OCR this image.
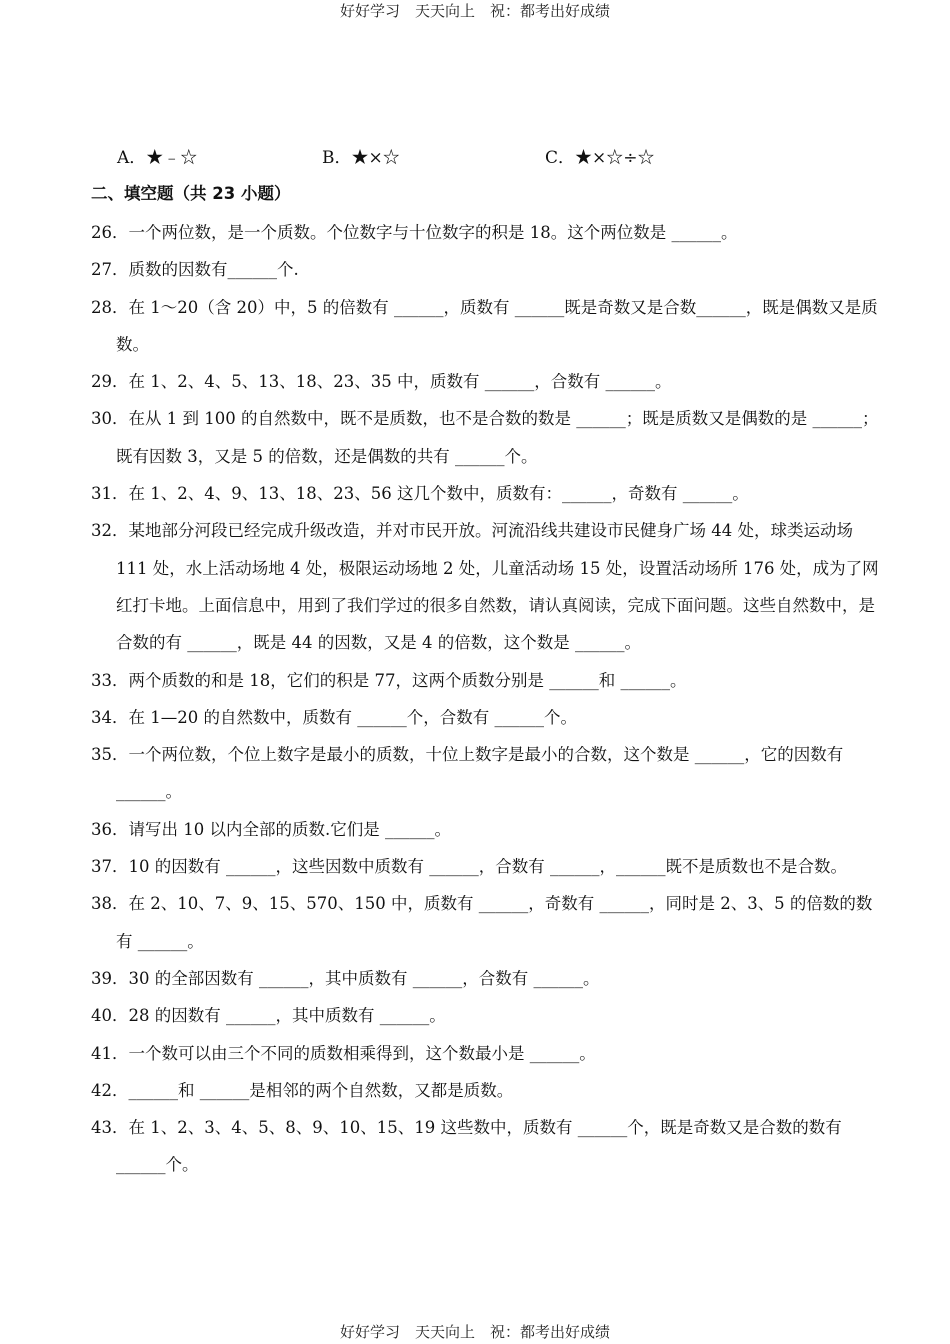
好好学习　天天向上　祝：都考出好成绩
A．★﹣☆	B．★×☆	C．★×☆÷☆
二、填空题（共 23 小题）
26．一个两位数，是一个质数。个位数字与十位数字的积是 18。这个两位数是 ______。
27．质数的因数有______个.
28．在 1～20（含 20）中，5 的倍数有 ______，质数有 ______既是奇数又是合数______，既是偶数又是质数。
29．在 1、2、4、5、13、18、23、35 中，质数有 ______，合数有 ______。
30．在从 1 到 100 的自然数中，既不是质数，也不是合数的数是 ______；既是质数又是偶数的是 ______；既有因数 3，又是 5 的倍数，还是偶数的共有 ______个。
31．在 1、2、4、9、13、18、23、56 这几个数中，质数有：______，奇数有 ______。
32．某地部分河段已经完成升级改造，并对市民开放。河流沿线共建设市民健身广场 44 处，球类运动场 111 处，水上活动场地 4 处，极限运动场地 2 处，儿童活动场 15 处，设置活动场所 176 处，成为了网红打卡地。上面信息中，用到了我们学过的很多自然数，请认真阅读，完成下面问题。这些自然数中，是合数的有 ______，既是 44 的因数，又是 4 的倍数，这个数是 ______。
33．两个质数的和是 18，它们的积是 77，这两个质数分别是 ______和 ______。
34．在 1—20 的自然数中，质数有 ______个，合数有 ______个。
35．一个两位数，个位上数字是最小的质数，十位上数字是最小的合数，这个数是 ______，它的因数有 ______。
36．请写出 10 以内全部的质数.它们是 ______。
37．10 的因数有 ______，这些因数中质数有 ______，合数有 ______，______既不是质数也不是合数。
38．在 2、10、7、9、15、570、150 中，质数有 ______，奇数有 ______，同时是 2、3、5 的倍数的数有 ______。
39．30 的全部因数有 ______，其中质数有 ______，合数有 ______。
40．28 的因数有 ______，其中质数有 ______。
41．一个数可以由三个不同的质数相乘得到，这个数最小是 ______。
42．______和 ______是相邻的两个自然数，又都是质数。
43．在 1、2、3、4、5、8、9、10、15、19 这些数中，质数有 ______个，既是奇数又是合数的数有 ______个。
好好学习　天天向上　祝：都考出好成绩
